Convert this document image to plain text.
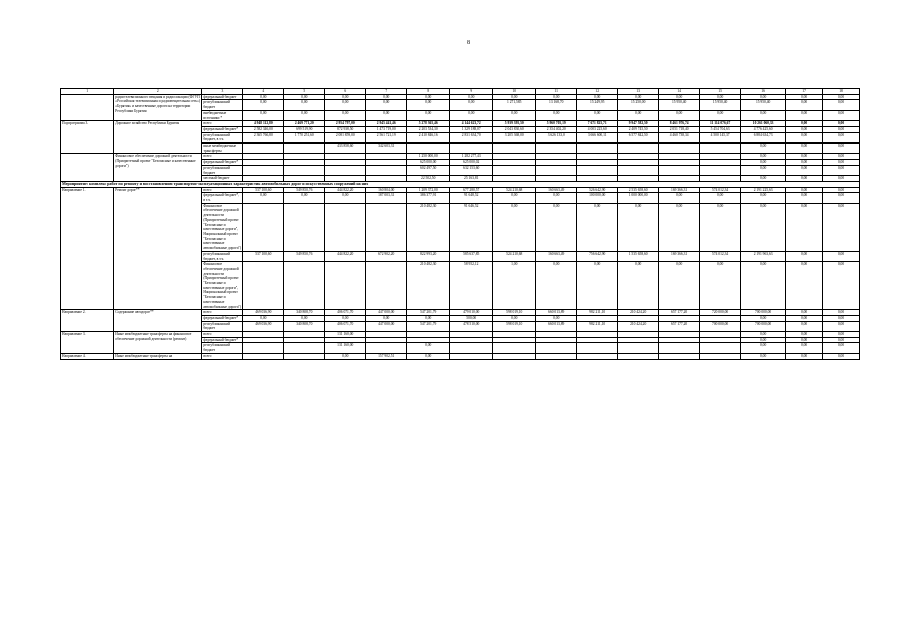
8
1	2	3	4	5	6	7	8	9	10	11	12	13	14	15	16	17	18
	радиотелевизионного вещания и радиолокации (ФГУП «Российская телевизионная и радиовещательная сеть») «Бурятия» и качественные дороги на территории Республики Бурятия	федеральный бюджет	0,00	0,00	0,00	0,00	0,00	0,00	0,00	0,00	0,00	0,00	0,00	0,00	0,00	0,00	0,00
		республиканский бюджет	0,00	0,00	0,00	0,00	0,00	0,00	1 271,585	13 168,70	15 249,95	15 250,00	15 950,40	15 950,40	15 950,40	0,00	0,00
		внебюджетные источники *	0,00	0,00	0,00	0,00	0,00	0,00	0,00	0,00	0,00	0,00	0,00	0,00	0,00	0,00	0,00
Подпрограмма 3.	Дорожное хозяйство Республики Бурятия	всего	4 948 112,80	2 469 771,20	2 954 797,00	2 945 441,46	5 278 365,46	4 144 623,72	5 939 395,50	5 960 705,19	7 671 825,71	9 947 582,50	8 461 976,74	11 114 076,67	10 261 060,33	0,00	0,00
		федеральный бюджет*	2 582 346,00	699 519,90	872 938,50	1 473 719,00	2 203 534,30	1 329 188,07	2 043 830,60	2 354 402,20	4 003 225,60	2 409 745,50	2 051 718,40	5 454 704,63	4 776 425,60	0,00	0,00
		республиканский бюджет, в т.ч.	2 365 766,80	1 770 251,60	2 081 859,00	2 561 721,19	2 410 846,16	2 831 634,70	3 205 368,00	3 626 133,0	3 666 600,11	6 577 842,50	4 460 738,34	4 500 145,37	6 884 634,73	0,00	0,00

		иные межбюджетные трансферты			433 858,60	342 603,31									0,00	0,00	0,00
	Финансовое обеспечение дорожной деятельности (Приоритетный проект "Безопасные и качественные дороги")	всего					1 250 000,00	1 282 277,43							0,00	0,00	0,00
		федеральный бюджет*					625 000,00	625 000,02							0,00	0,00	0,00
		республиканский бюджет					602 497,50	632 153,60							0,00	0,00	0,00
		местный бюджет					22 502,50	25 163,81							0,00	0,00	0,00
Мероприятие: комплекс работ по ремонту и восстановлению транспортно-эксплуатационных характеристик автомобильных дорог и искусственных сооружений на них																	
Направление 1.	Ремонт дорог**	всего	537 100,60	549 850,76	444 822,20	160 804,00	1 209 372,00	677 280,57	524 210,68	160 663,49	526 642,90	2 535 658,60	169 366,31	574 012,34	2 191 225,63	0,00	0,00
		федеральный бюджет*, в т.ч.	0,00	0,00	0,00	187 003,31	386 377,91	91 648,52	0,00	0,00	100 000,00	1 000 000,00	0,00	0,00	0,00	0,00	0,00
		Финансовое обеспечение дорожной деятельности (Приоритетный проект "Безопасные и качественные дороги", Национальный проект "Безопасные и качественные автомобильные дороги")					210 482,30	91 646,52	0,00	0,00	0,00	0,00	0,00	0,00	0,00	0,00	0,00
		республиканский бюджет, в т.ч.	537 100,60	549 850,76	444 822,20	672 902,20	822 993,20	585 637,85	524 210,68	160 663,49	756 642,90	1 535 658,60	169 366,31	574 012,34	2 191 963,63	0,00	0,00
		Финансовое обеспечение дорожной деятельности (Приоритетный проект "Безопасные и качественные дороги", Национальный проект "Безопасные и качественные автомобильные дороги")					210 482,30	58 952,12	1,00	0,00	0,00	0,00	0,00	0,00	0,00	0,00	0,00
Направление 2.	Содержание автодорог**	всего	469 036,90	340 808,70	406 071,70	447 000,00	547 201,79	479 010,00	598 019,10	660 013,89	982 211,10	210 424,20	657 177,20	720 000,00	700 000,00	0,00	0,00
		федеральный бюджет*	0,00	0,00	0,00	0,00	0,00	500,00	0,00	0,00					0,00	0,00	0,00
		республиканский бюджет	469 036,90	340 808,70	406 071,70	447 000,00	547 201,79	478 510,00	598 019,10	660 013,89	982 211,10	210 424,20	657 177,20	700 000,00	700 000,00	0,00	0,00
Направление 3.	Иные межбюджетные трансферты на финансовое обеспечение дорожной деятельности (ремонт)	всего			131 160,00										0,00	0,00	0,00
		федеральный бюджет*													0,00	0,00	0,00
		республиканский бюджет			131 160,00		0,00								0,00	0,00	0,00
Направление 4.	Иные межбюджетные трансферты на	всего			0,00	157 902,51	0,00								0,00	0,00	0,00
